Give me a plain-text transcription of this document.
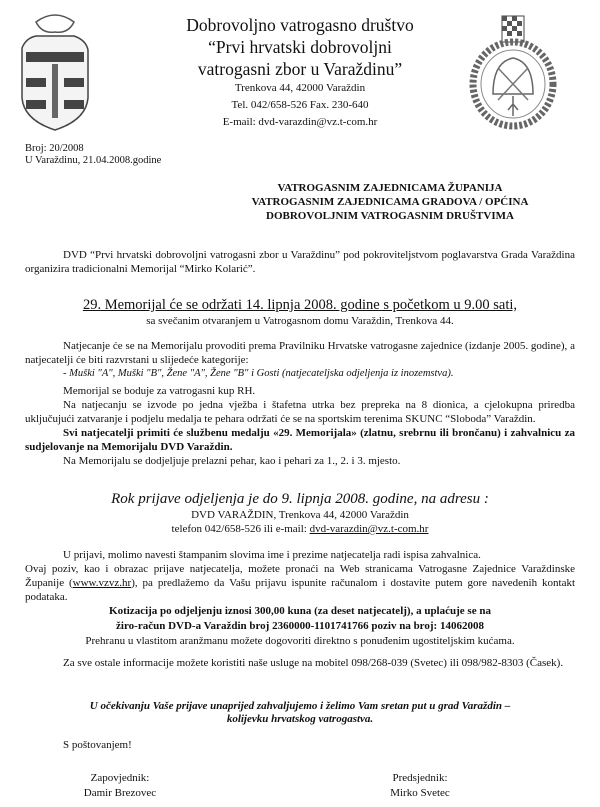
Dobrovoljno vatrogasno društvo
“Prvi hrvatski dobrovoljni
vatrogasni zbor u Varaždinu”
Trenkova 44, 42000 Varaždin
Tel. 042/658-526 Fax. 230-640
E-mail: dvd-varazdin@vz.t-com.hr
Broj: 20/2008
U Varaždinu, 21.04.2008.godine
VATROGASNIM ZAJEDNICAMA ŽUPANIJA
VATROGASNIM ZAJEDNICAMA GRADOVA / OPĆINA
DOBROVOLJNIM VATROGASNIM DRUŠTVIMA

DVD “Prvi hrvatski dobrovoljni vatrogasni zbor u Varaždinu” pod pokroviteljstvom poglavarstva Grada Varaždina organizira tradicionalni Memorijal “Mirko Kolarić”.

29. Memorijal će se održati 14. lipnja 2008. godine s početkom u 9.00 sati,
sa svečanim otvaranjem u Vatrogasnom domu Varaždin, Trenkova 44.

Natjecanje će se na Memorijalu provoditi prema Pravilniku Hrvatske vatrogasne zajednice (izdanje 2005. godine), a natjecatelji će biti razvrstani u slijedeće kategorije:

- Muški "A", Muški "B", Žene "A", Žene "B" i Gosti (natjecateljska odjeljenja iz inozemstva).

Memorijal se boduje za vatrogasni kup RH.

Na natjecanju se izvode po jedna vježba i štafetna utrka bez prepreka na 8 dionica, a cjelokupna priredba uključujući zatvaranje i podjelu medalja te pehara održati će se na sportskim terenima SKUNC “Sloboda” Varaždin.

Svi natjecatelji primiti će službenu medalju «29. Memorijala» (zlatnu, srebrnu ili brončanu) i zahvalnicu za sudjelovanje na Memorijalu DVD Varaždin.

Na Memorijalu se dodjeljuje prelazni pehar, kao i pehari za 1., 2. i 3. mjesto.

Rok prijave odjeljenja je do 9. lipnja 2008. godine, na adresu :
DVD VARAŽDIN, Trenkova 44, 42000 Varaždin
telefon 042/658-526 ili e-mail: dvd-varazdin@vz.t-com.hr

U prijavi, molimo navesti štampanim slovima ime i prezime natjecatelja radi ispisa zahvalnica.

Ovaj poziv, kao i obrazac prijave natjecatelja, možete pronaći na Web stranicama Vatrogasne Zajednice Varaždinske Županije (www.vzvz.hr), pa predlažemo da Vašu prijavu ispunite računalom i dostavite putem gore navedenih kontakt podataka.

Kotizacija po odjeljenju iznosi 300,00 kuna (za deset natjecatelj), a uplaćuje se na

žiro-račun DVD-a Varaždin broj 2360000-1101741766 poziv na broj: 14062008

Prehranu u vlastitom aranžmanu možete dogovoriti direktno s ponuđenim ugostiteljskim kućama.

Za sve ostale informacije možete koristiti naše usluge na mobitel 098/268-039 (Svetec) ili 098/982-8303 (Časek).

U očekivanju Vaše prijave unaprijed zahvaljujemo i želimo Vam sretan put u grad Varaždin –
kolijevku hrvatskog vatrogastva.
S poštovanjem!
Zapovjednik:
Damir Brezovec
Predsjednik:
Mirko Svetec
